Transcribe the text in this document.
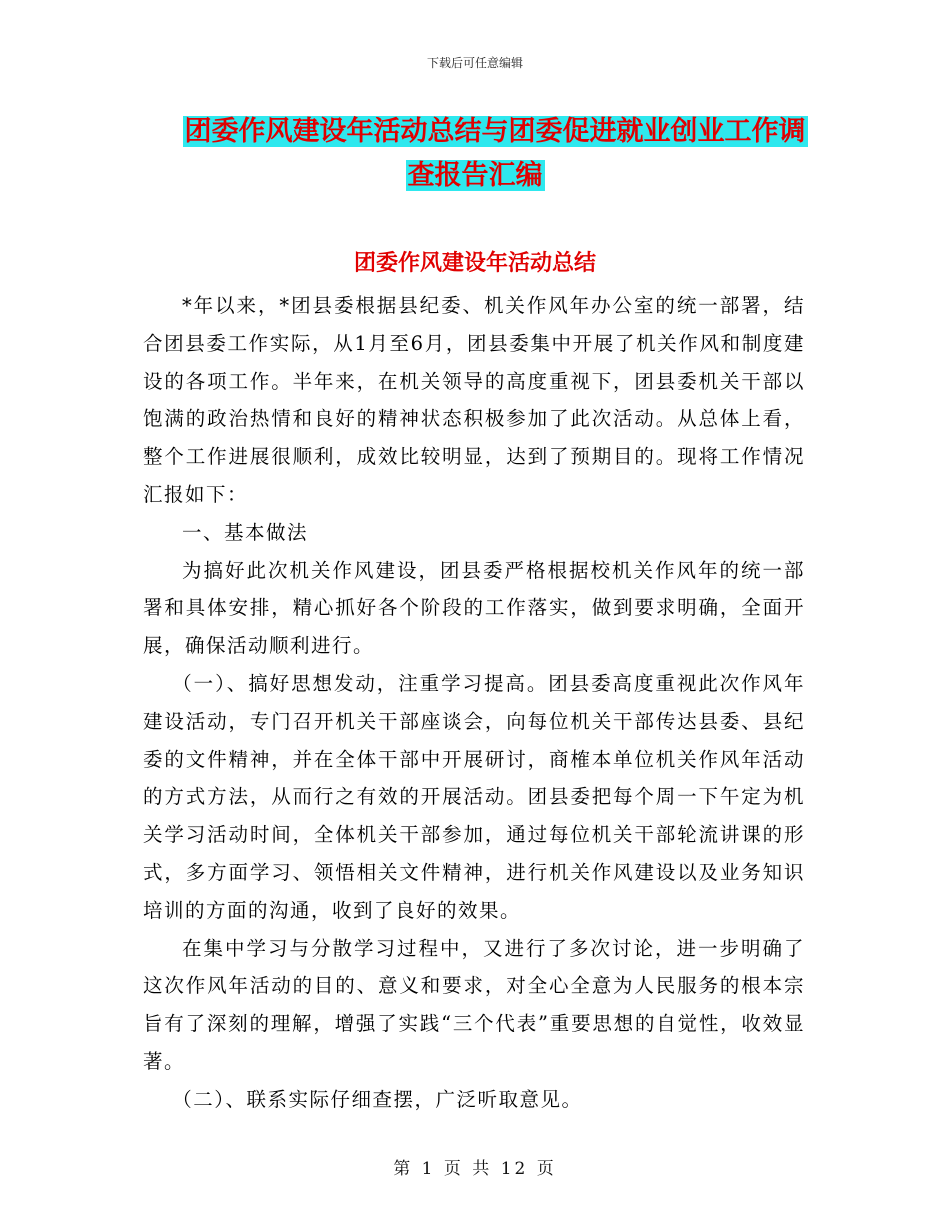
下载后可任意编辑
团委作风建设年活动总结与团委促进就业创业工作调
查报告汇编
团委作风建设年活动总结

*年以来，*团县委根据县纪委、机关作风年办公室的统一部署，结合团县委工作实际，从1月至6月，团县委集中开展了机关作风和制度建设的各项工作。半年来，在机关领导的高度重视下，团县委机关干部以饱满的政治热情和良好的精神状态积极参加了此次活动。从总体上看，整个工作进展很顺利，成效比较明显，达到了预期目的。现将工作情况汇报如下：

一、基本做法

为搞好此次机关作风建设，团县委严格根据校机关作风年的统一部署和具体安排，精心抓好各个阶段的工作落实，做到要求明确，全面开展，确保活动顺利进行。

（一）、搞好思想发动，注重学习提高。团县委高度重视此次作风年建设活动，专门召开机关干部座谈会，向每位机关干部传达县委、县纪委的文件精神，并在全体干部中开展研讨，商榷本单位机关作风年活动的方式方法，从而行之有效的开展活动。团县委把每个周一下午定为机关学习活动时间，全体机关干部参加，通过每位机关干部轮流讲课的形式，多方面学习、领悟相关文件精神，进行机关作风建设以及业务知识培训的方面的沟通，收到了良好的效果。

在集中学习与分散学习过程中，又进行了多次讨论，进一步明确了这次作风年活动的目的、意义和要求，对全心全意为人民服务的根本宗旨有了深刻的理解，增强了实践“三个代表”重要思想的自觉性，收效显著。

（二）、联系实际仔细查摆，广泛听取意见。

第 1 页 共 12 页
